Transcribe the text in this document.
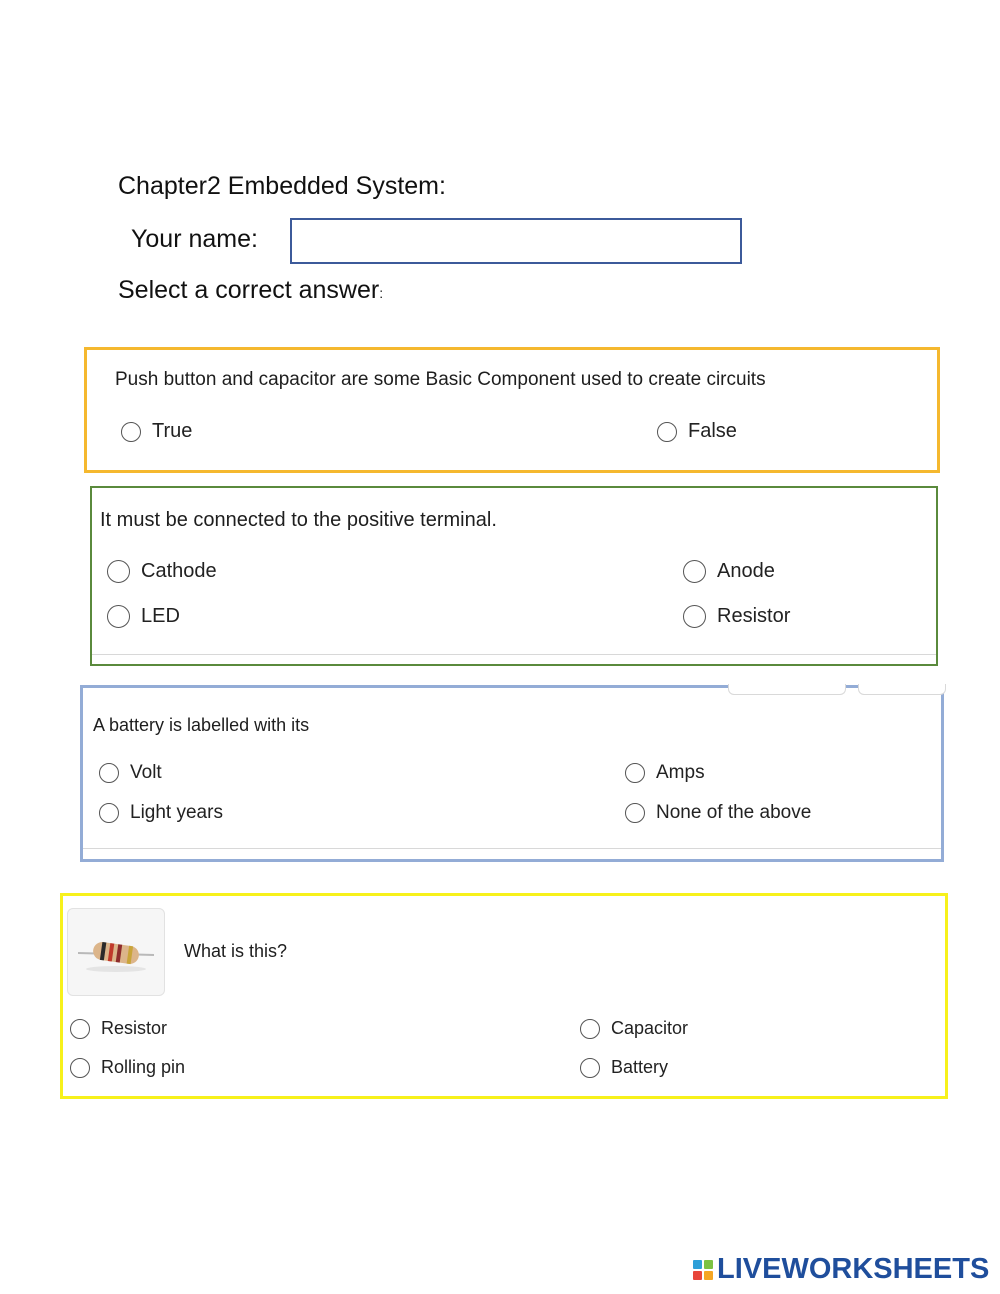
Chapter2 Embedded System:
Your name:
Select a correct answer:
Push button and capacitor are some Basic Component used to create circuits
True	False
It must be connected to the positive terminal.
Cathode	Anode
LED	Resistor
A battery is labelled with its
Volt	Amps
Light years	None of the above
What is this?
Resistor	Capacitor
Rolling pin	Battery
LIVEWORKSHEETS
